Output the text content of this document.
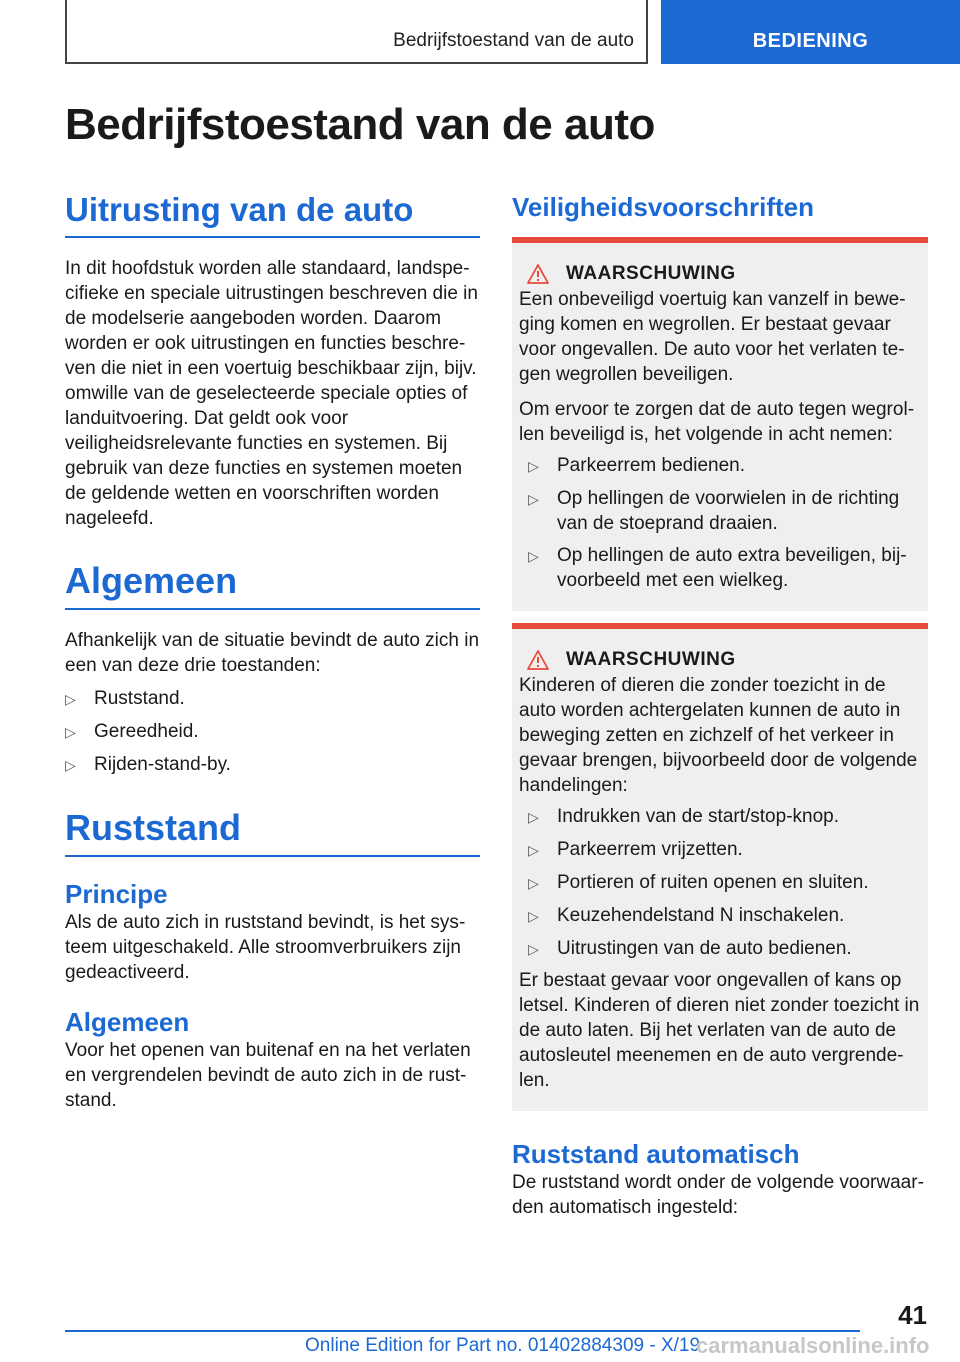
Bedrijfstoestand van de auto	BEDIENING
Bedrijfstoestand van de auto
Uitrusting van de auto

In dit hoofdstuk worden alle standaard, landspecifieke en speciale uitrustingen beschreven die in de modelserie aangeboden worden. Daarom worden er ook uitrustingen en functies beschreven die niet in een voertuig beschikbaar zijn, bijv. omwille van de geselecteerde speciale opties of landuitvoering. Dat geldt ook voor veiligheidsrelevante functies en systemen. Bij gebruik van deze functies en systemen moeten de geldende wetten en voorschriften worden nageleefd.

Algemeen

Afhankelijk van de situatie bevindt de auto zich in een van deze drie toestanden:

▷ Ruststand.
▷ Gereedheid.
▷ Rijden-stand-by.
Ruststand
Principe

Als de auto zich in ruststand bevindt, is het systeem uitgeschakeld. Alle stroomverbruikers zijn gedeactiveerd.

Algemeen

Voor het openen van buitenaf en na het verlaten en vergrendelen bevindt de auto zich in de ruststand.

Veiligheidsvoorschriften
WAARSCHUWING

Een onbeveiligd voertuig kan vanzelf in beweging komen en wegrollen. Er bestaat gevaar voor ongevallen. De auto voor het verlaten tegen wegrollen beveiligen.

Om ervoor te zorgen dat de auto tegen wegrollen beveiligd is, het volgende in acht nemen:

▷ Parkeerrem bedienen.
▷ Op hellingen de voorwielen in de richting van de stoeprand draaien.
▷ Op hellingen de auto extra beveiligen, bijvoorbeeld met een wielkeg.
WAARSCHUWING

Kinderen of dieren die zonder toezicht in de auto worden achtergelaten kunnen de auto in beweging zetten en zichzelf of het verkeer in gevaar brengen, bijvoorbeeld door de volgende handelingen:

▷ Indrukken van de start/stop-knop.
▷ Parkeerrem vrijzetten.
▷ Portieren of ruiten openen en sluiten.
▷ Keuzehendelstand N inschakelen.
▷ Uitrustingen van de auto bedienen.

Er bestaat gevaar voor ongevallen of kans op letsel. Kinderen of dieren niet zonder toezicht in de auto laten. Bij het verlaten van de auto de autosleutel meenemen en de auto vergrendelen.

Ruststand automatisch

De ruststand wordt onder de volgende voorwaarden automatisch ingesteld:

41
Online Edition for Part no. 01402884309 - X/19
carmanualsonline.info
